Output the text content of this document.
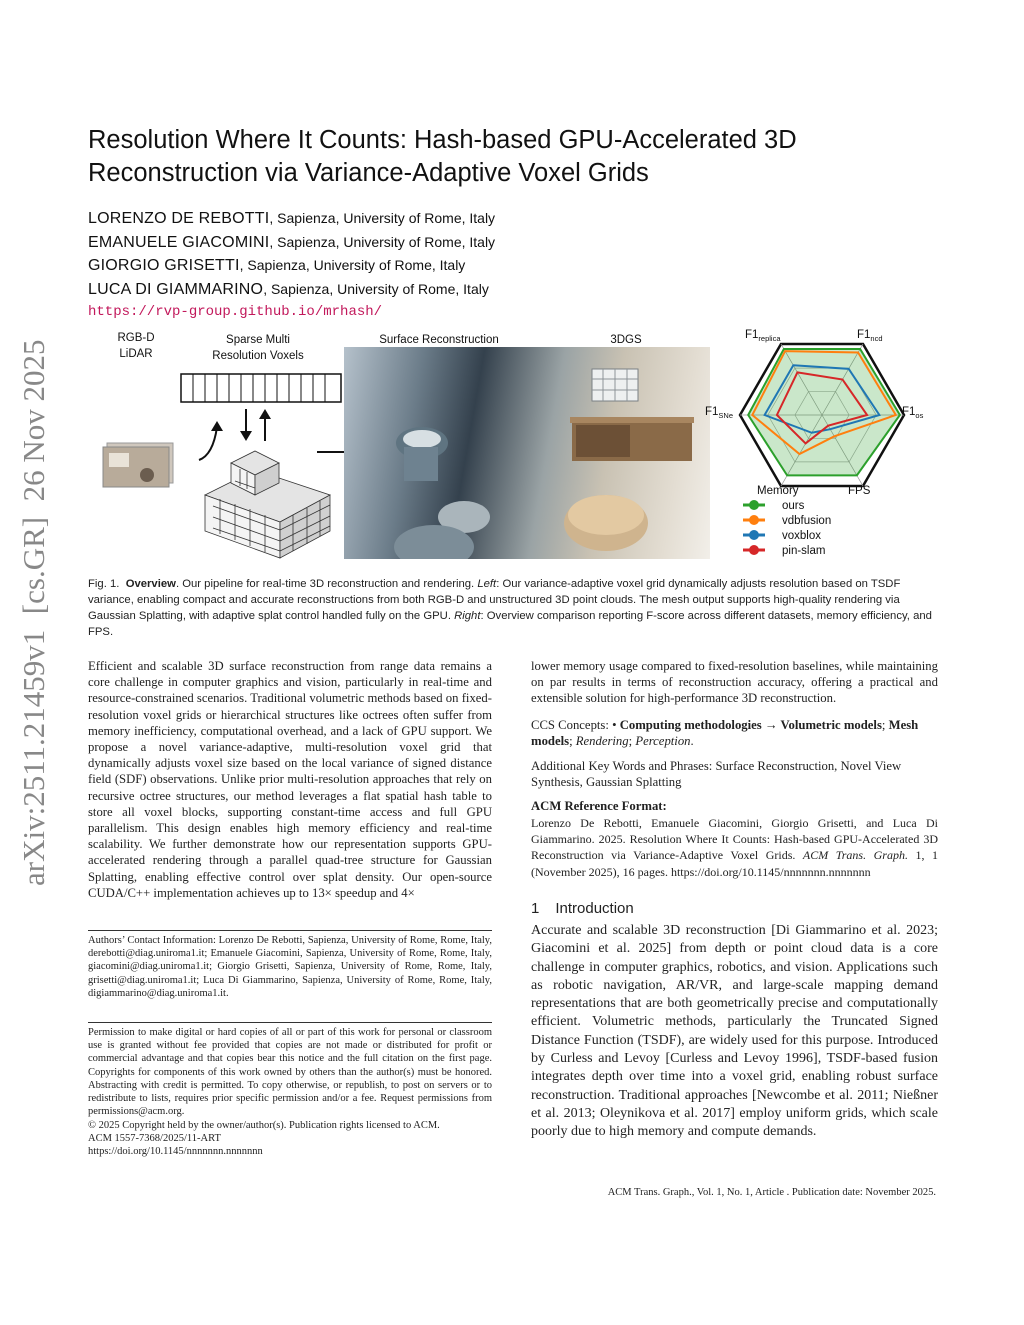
arXiv:2511.21459v1  [cs.GR]  26 Nov 2025
Resolution Where It Counts: Hash-based GPU-Accelerated 3D Reconstruction via Variance-Adaptive Voxel Grids
LORENZO DE REBOTTI, Sapienza, University of Rome, Italy
EMANUELE GIACOMINI, Sapienza, University of Rome, Italy
GIORGIO GRISETTI, Sapienza, University of Rome, Italy
LUCA DI GIAMMARINO, Sapienza, University of Rome, Italy
https://rvp-group.github.io/mrhash/
RGB-D
LiDAR
Sparse Multi
Resolution Voxels
Surface Reconstruction	3DGS	$F1_{replica}$	$F1_{ncd}$
$F1_{os}$
$F1_{SNe}$
FPS
Memory
ours
vdbfusion
voxblox
pin-slam

Fig. 1. Overview. Our pipeline for real-time 3D reconstruction and rendering. Left: Our variance-adaptive voxel grid dynamically adjusts resolution based on TSDF variance, enabling compact and accurate reconstructions from both RGB-D and unstructured 3D point clouds. The mesh output supports high-quality rendering via Gaussian Splatting, with adaptive splat control handled fully on the GPU. Right: Overview comparison reporting F-score across different datasets, memory efficiency, and FPS.

Efficient and scalable 3D surface reconstruction from range data remains a core challenge in computer graphics and vision, particularly in real-time and resource-constrained scenarios. Traditional volumetric methods based on fixed-resolution voxel grids or hierarchical structures like octrees often suffer from memory inefficiency, computational overhead, and a lack of GPU support. We propose a novel variance-adaptive, multi-resolution voxel grid that dynamically adjusts voxel size based on the local variance of signed distance field (SDF) observations. Unlike prior multi-resolution approaches that rely on recursive octree structures, our method leverages a flat spatial hash table to store all voxel blocks, supporting constant-time access and full GPU parallelism. This design enables high memory efficiency and real-time scalability. We further demonstrate how our representation supports GPU-accelerated rendering through a parallel quad-tree structure for Gaussian Splatting, enabling effective control over splat density. Our open-source CUDA/C++ implementation achieves up to 13× speedup and 4×

Authors’ Contact Information: Lorenzo De Rebotti, Sapienza, University of Rome, Rome, Italy, derebotti@diag.uniroma1.it; Emanuele Giacomini, Sapienza, University of Rome, Rome, Italy, giacomini@diag.uniroma1.it; Giorgio Grisetti, Sapienza, University of Rome, Rome, Italy, grisetti@diag.uniroma1.it; Luca Di Giammarino, Sapienza, University of Rome, Rome, Italy, digiammarino@diag.uniroma1.it.

Permission to make digital or hard copies of all or part of this work for personal or classroom use is granted without fee provided that copies are not made or distributed for profit or commercial advantage and that copies bear this notice and the full citation on the first page. Copyrights for components of this work owned by others than the author(s) must be honored. Abstracting with credit is permitted. To copy otherwise, or republish, to post on servers or to redistribute to lists, requires prior specific permission and/or a fee. Request permissions from permissions@acm.org.

© 2025 Copyright held by the owner/author(s). Publication rights licensed to ACM.

ACM 1557-7368/2025/11-ART

https://doi.org/10.1145/nnnnnnn.nnnnnnn

lower memory usage compared to fixed-resolution baselines, while maintaining on par results in terms of reconstruction accuracy, offering a practical and extensible solution for high-performance 3D reconstruction.

CCS Concepts: • Computing methodologies → Volumetric models; Mesh models; Rendering; Perception.

Additional Key Words and Phrases: Surface Reconstruction, Novel View Synthesis, Gaussian Splatting

ACM Reference Format:

Lorenzo De Rebotti, Emanuele Giacomini, Giorgio Grisetti, and Luca Di Giammarino. 2025. Resolution Where It Counts: Hash-based GPU-Accelerated 3D Reconstruction via Variance-Adaptive Voxel Grids. ACM Trans. Graph. 1, 1 (November 2025), 16 pages. https://doi.org/10.1145/nnnnnnn.nnnnnnn

1 Introduction

Accurate and scalable 3D reconstruction [Di Giammarino et al. 2023; Giacomini et al. 2025] from depth or point cloud data is a core challenge in computer graphics, robotics, and vision. Applications such as robotic navigation, AR/VR, and large-scale mapping demand representations that are both geometrically precise and computationally efficient. Volumetric methods, particularly the Truncated Signed Distance Function (TSDF), are widely used for this purpose. Introduced by Curless and Levoy [Curless and Levoy 1996], TSDF-based fusion integrates depth over time into a voxel grid, enabling robust surface reconstruction. Traditional approaches [Newcombe et al. 2011; Nießner et al. 2013; Oleynikova et al. 2017] employ uniform grids, which scale poorly due to high memory and compute demands.

ACM Trans. Graph., Vol. 1, No. 1, Article . Publication date: November 2025.
